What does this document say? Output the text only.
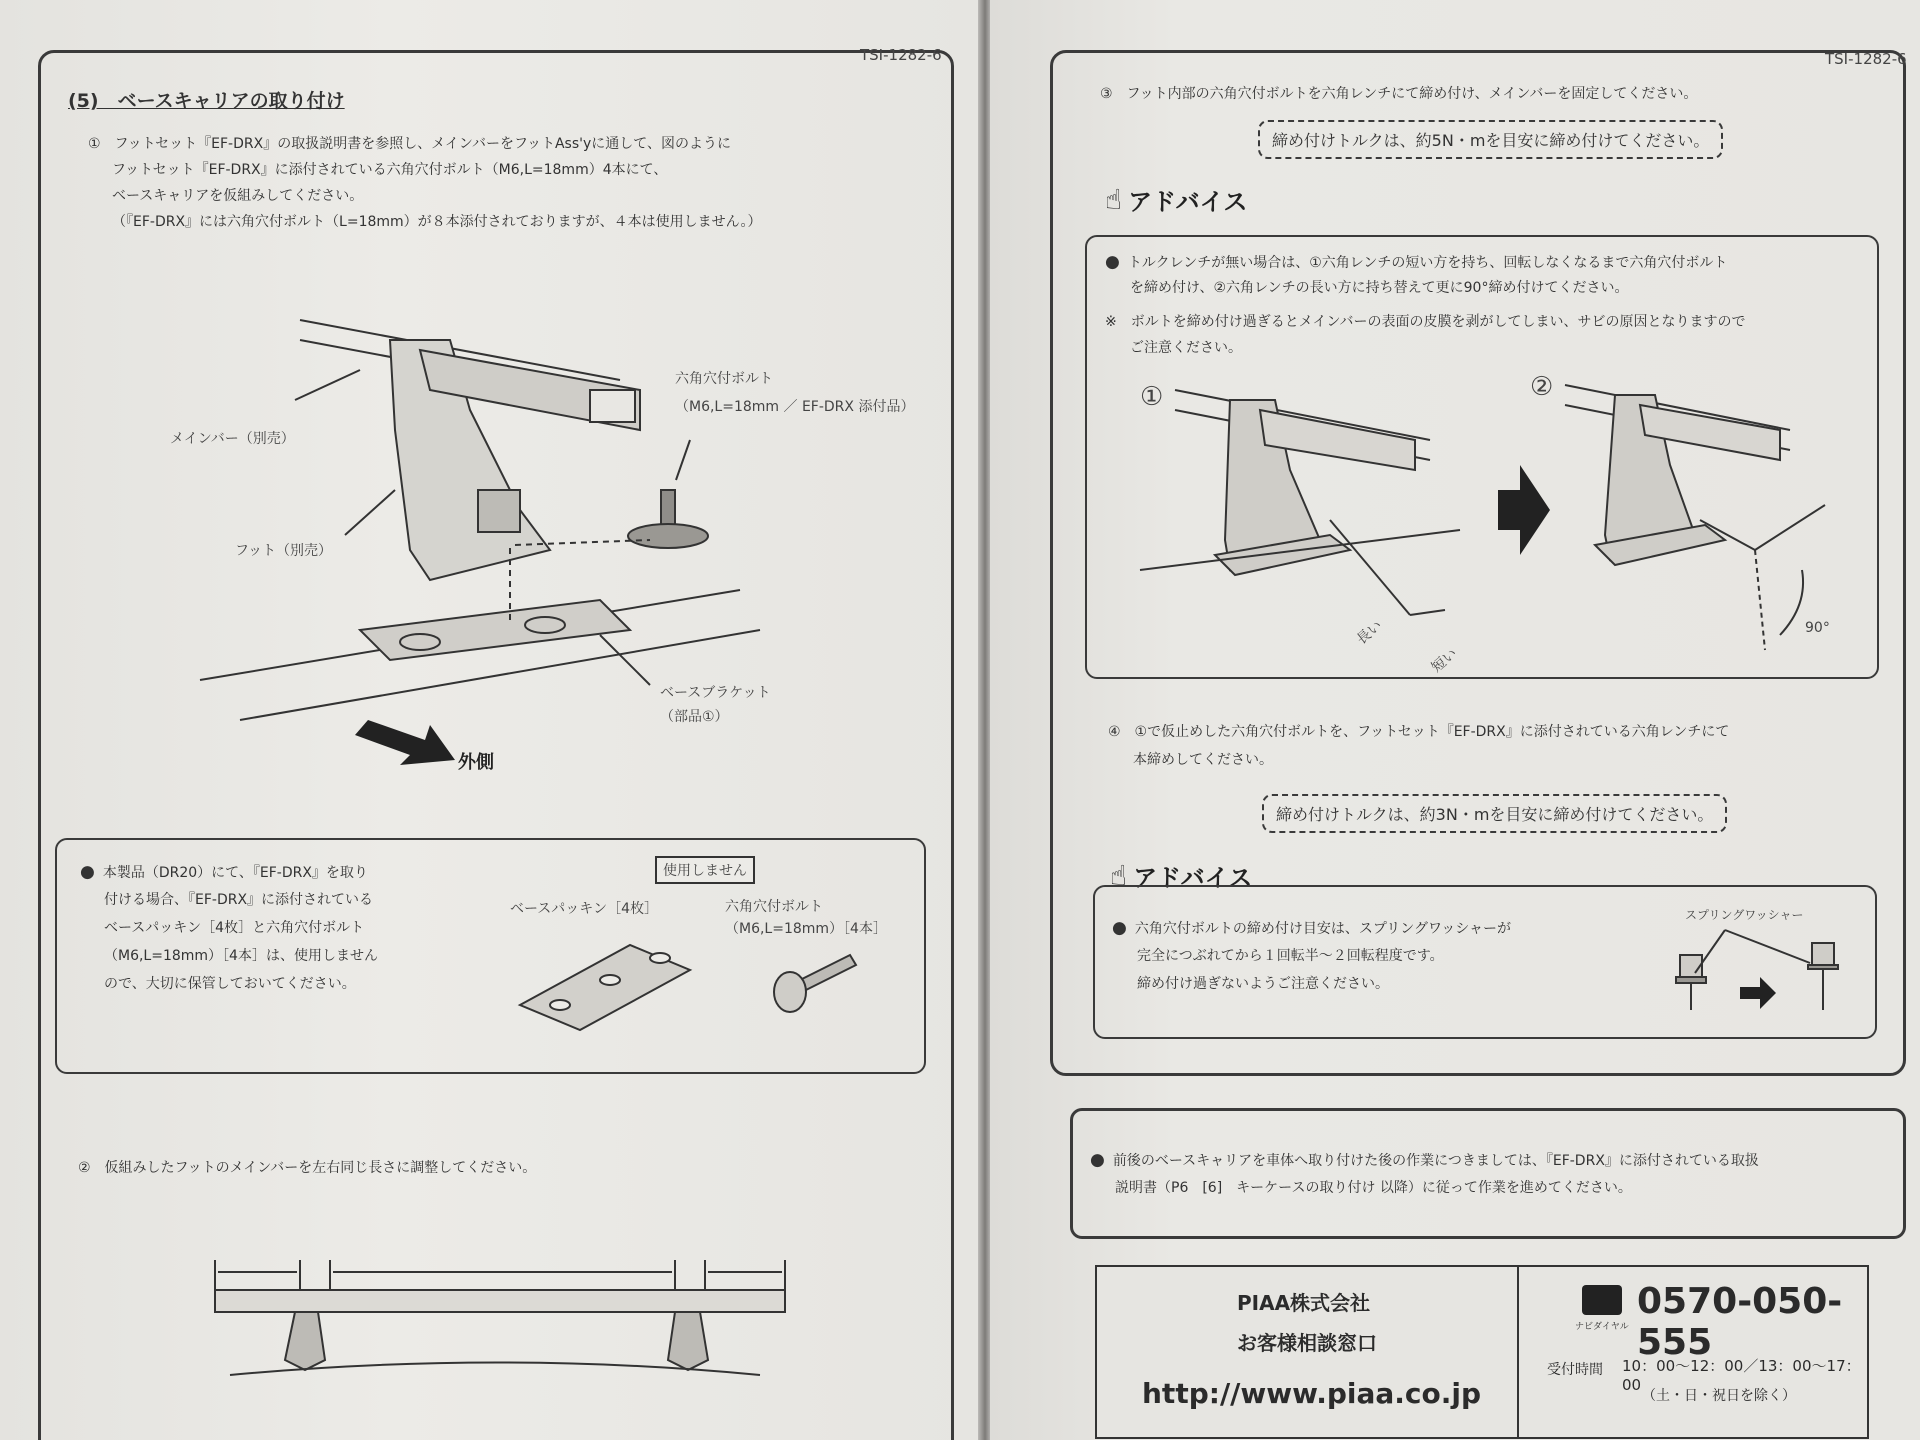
TSI-1282-6
(5)　ベースキャリアの取り付け
①　フットセット『EF-DRX』の取扱説明書を参照し、メインバーをフットAss'yに通して、図のように
フットセット『EF-DRX』に添付されている六角穴付ボルト（M6,L=18mm）4本にて、
ベースキャリアを仮組みしてください。
（『EF-DRX』には六角穴付ボルト（L=18mm）が８本添付されておりますが、４本は使用しません。）
六角穴付ボルト
（M6,L=18mm ／ EF-DRX 添付品）
メインバー（別売）
フット（別売）
ベースブラケット
（部品①）
外側
● 本製品（DR20）にて、『EF-DRX』を取り
付ける場合、『EF-DRX』に添付されている
ベースパッキン［4枚］と六角穴付ボルト
（M6,L=18mm）［4本］は、使用しません
ので、大切に保管しておいてください。
使用しません
ベースパッキン［4枚］	六角穴付ボルト
（M6,L=18mm）［4本］
②　仮組みしたフットのメインバーを左右同じ長さに調整してください。
TSI-1282-6
③　フット内部の六角穴付ボルトを六角レンチにて締め付け、メインバーを固定してください。
締め付けトルクは、約5N・mを目安に締め付けてください。
☝ アドバイス
● トルクレンチが無い場合は、①六角レンチの短い方を持ち、回転しなくなるまで六角穴付ボルト
を締め付け、②六角レンチの長い方に持ち替えて更に90°締め付けてください。
※　ボルトを締め付け過ぎるとメインバーの表面の皮膜を剥がしてしまい、サビの原因となりますので
ご注意ください。
①	②
長い
短い
90°
④　①で仮止めした六角穴付ボルトを、フットセット『EF-DRX』に添付されている六角レンチにて
本締めしてください。
締め付けトルクは、約3N・mを目安に締め付けてください。
☝ アドバイス
● 六角穴付ボルトの締め付け目安は、スプリングワッシャーが
完全につぶれてから１回転半〜２回転程度です。
締め付け過ぎないようご注意ください。
スプリングワッシャー
● 前後のベースキャリアを車体へ取り付けた後の作業につきましては、『EF-DRX』に添付されている取扱
説明書（P6　[6]　キーケースの取り付け 以降）に従って作業を進めてください。
PIAA株式会社
お客様相談窓口
http://www.piaa.co.jp
ナビダイヤル
0570-050-555
受付時間 10：00〜12：00／13：00〜17：00
（土・日・祝日を除く）
